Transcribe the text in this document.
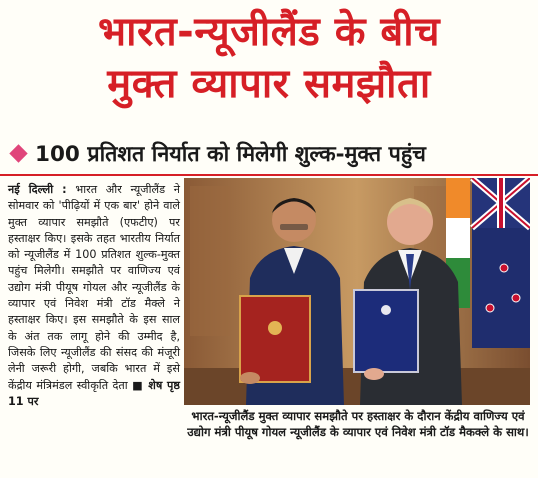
भारत-न्यूजीलैंड के बीच
मुक्त व्यापार समझौता
100 प्रतिशत निर्यात को मिलेगी शुल्क-मुक्त पहुंच
नई दिल्ली : भारत और न्यूजीलैंड ने सोमवार को 'पीढ़ियों में एक बार' होने वाले मुक्त व्यापार समझौते (एफटीए) पर हस्ताक्षर किए। इसके तहत भारतीय निर्यात को न्यूजीलैंड में 100 प्रतिशत शुल्क-मुक्त पहुंच मिलेगी। समझौते पर वाणिज्य एवं उद्योग मंत्री पीयूष गोयल और न्यूजीलैंड के व्यापार एवं निवेश मंत्री टॉड मैक्ले ने हस्ताक्षर किए। इस समझौते के इस साल के अंत तक लागू होने की उम्मीद है, जिसके लिए न्यूजीलैंड की संसद की मंजूरी लेनी जरूरी होगी, जबकि भारत में इसे केंद्रीय मंत्रिमंडल स्वीकृति देता ■ शेष पृष्ठ 11 पर
भारत-न्यूजीलैंड मुक्त व्यापार समझौते पर हस्ताक्षर के दौरान केंद्रीय वाणिज्य एवं उद्योग मंत्री पीयूष गोयल न्यूजीलैंड के व्यापार एवं निवेश मंत्री टॉड मैकक्ले के साथ।
